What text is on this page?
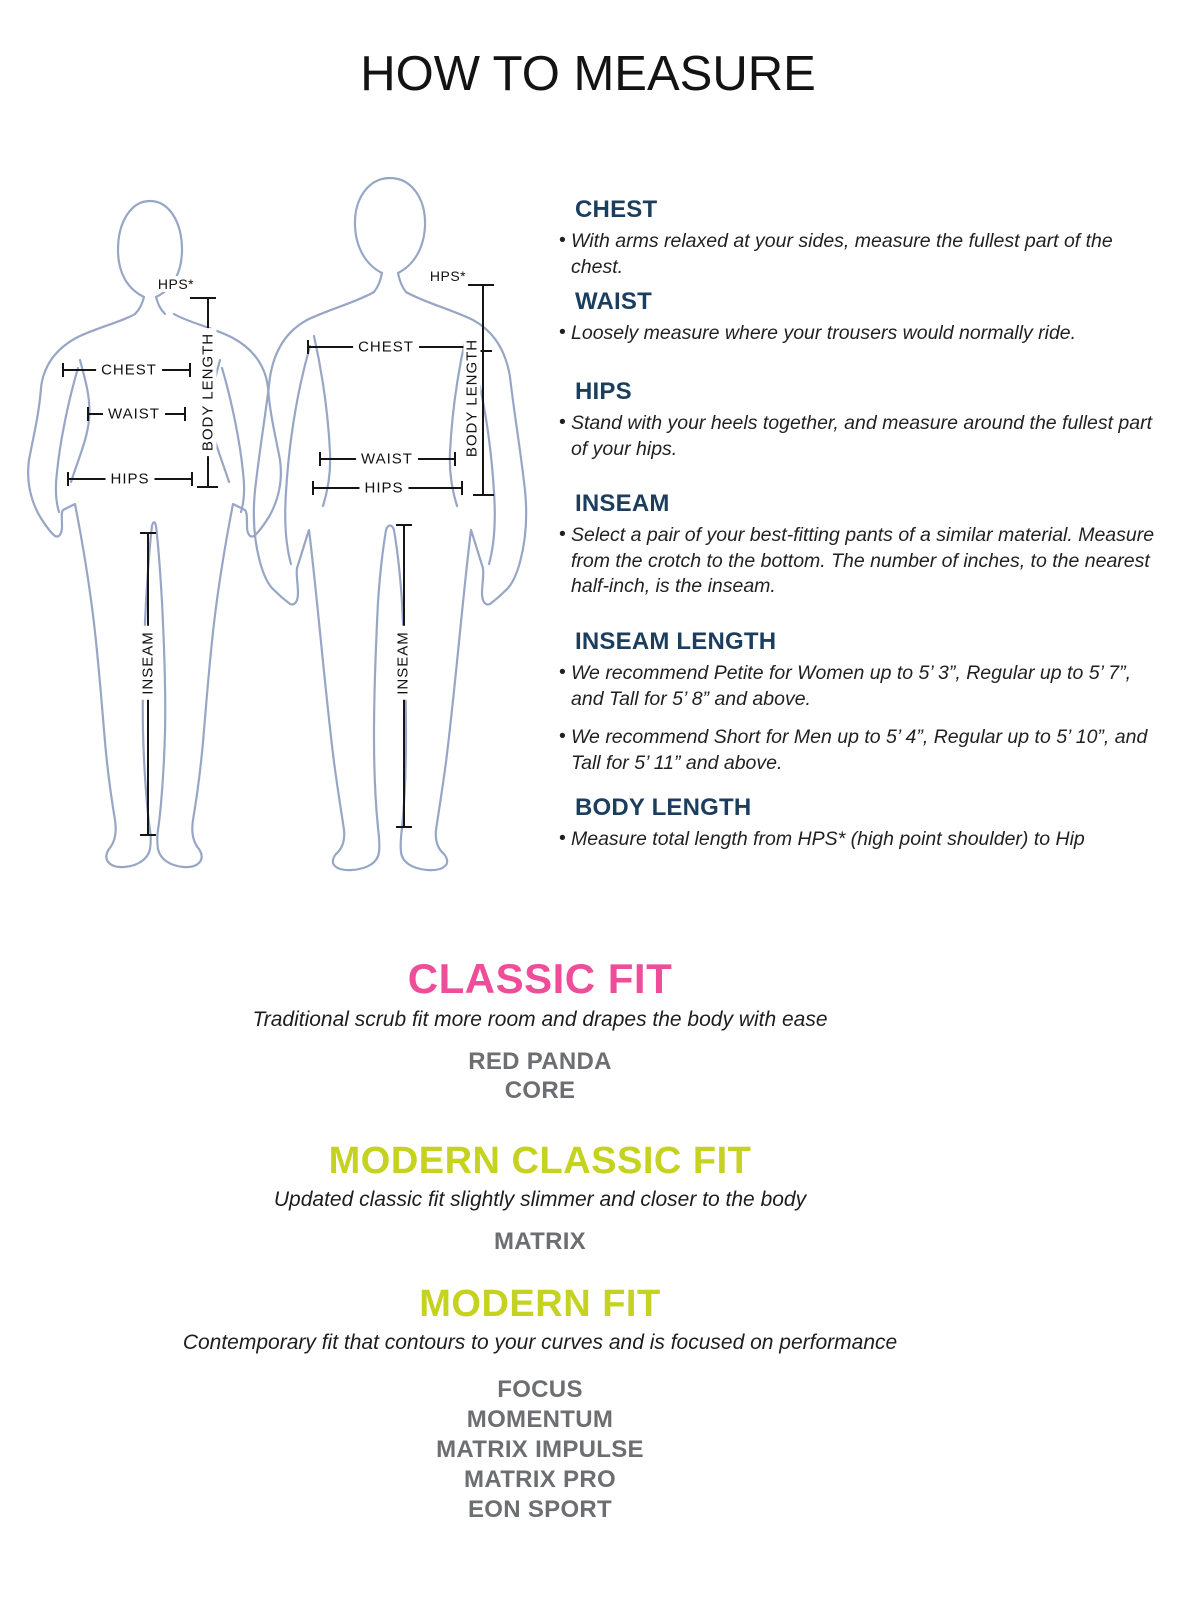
HOW TO MEASURE
HPS*
CHEST
WAIST
HIPS
BODY LENGTH
INSEAM
HPS*
CHEST
WAIST
HIPS
BODY LENGTH
INSEAM
CHEST
• With arms relaxed at your sides, measure the fullest part of the chest.
WAIST
• Loosely measure where your trousers would normally ride.
HIPS
• Stand with your heels together, and measure around the fullest part of your hips.
INSEAM
• Select a pair of your best-fitting pants of a similar material. Measure from the crotch to the bottom. The number of inches, to the nearest half-inch, is the inseam.
INSEAM LENGTH
• We recommend Petite for Women up to 5’ 3”, Regular up to 5’ 7”, and Tall for 5’ 8” and above.
• We recommend Short for Men up to 5’ 4”, Regular up to 5’ 10”, and Tall for 5’ 11” and above.
BODY LENGTH
• Measure total length from HPS* (high point shoulder) to Hip
CLASSIC FIT

Traditional scrub fit more room and drapes the body with ease

RED PANDA
CORE
MODERN CLASSIC FIT

Updated classic fit slightly slimmer and closer to the body

MATRIX
MODERN FIT

Contemporary fit that contours to your curves and is focused on performance

FOCUS
MOMENTUM
MATRIX IMPULSE
MATRIX PRO
EON SPORT
